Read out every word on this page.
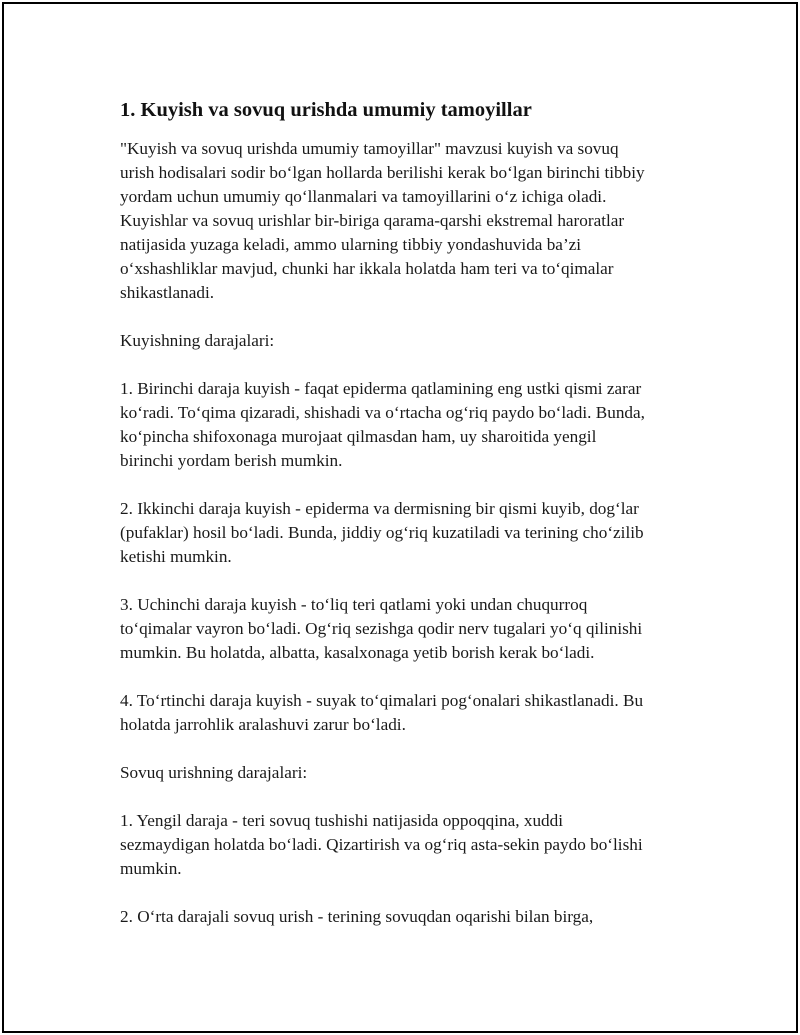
1. Kuyish va sovuq urishda umumiy tamoyillar
"Kuyish va sovuq urishda umumiy tamoyillar" mavzusi kuyish va sovuq
urish hodisalari sodir bo‘lgan hollarda berilishi kerak bo‘lgan birinchi tibbiy
yordam uchun umumiy qo‘llanmalari va tamoyillarini o‘z ichiga oladi.
Kuyishlar va sovuq urishlar bir-biriga qarama-qarshi ekstremal haroratlar
natijasida yuzaga keladi, ammo ularning tibbiy yondashuvida ba’zi
o‘xshashliklar mavjud, chunki har ikkala holatda ham teri va to‘qimalar
shikastlanadi.
Kuyishning darajalari:
1. Birinchi daraja kuyish - faqat epiderma qatlamining eng ustki qismi zarar
ko‘radi. To‘qima qizaradi, shishadi va o‘rtacha og‘riq paydo bo‘ladi. Bunda,
ko‘pincha shifoxonaga murojaat qilmasdan ham, uy sharoitida yengil
birinchi yordam berish mumkin.
2. Ikkinchi daraja kuyish - epiderma va dermisning bir qismi kuyib, dog‘lar
(pufaklar) hosil bo‘ladi. Bunda, jiddiy og‘riq kuzatiladi va terining cho‘zilib
ketishi mumkin.
3. Uchinchi daraja kuyish - to‘liq teri qatlami yoki undan chuqurroq
to‘qimalar vayron bo‘ladi. Og‘riq sezishga qodir nerv tugalari yo‘q qilinishi
mumkin. Bu holatda, albatta, kasalxonaga yetib borish kerak bo‘ladi.
4. To‘rtinchi daraja kuyish - suyak to‘qimalari pog‘onalari shikastlanadi. Bu
holatda jarrohlik aralashuvi zarur bo‘ladi.
Sovuq urishning darajalari:
1. Yengil daraja - teri sovuq tushishi natijasida oppoqqina, xuddi
sezmaydigan holatda bo‘ladi. Qizartirish va og‘riq asta-sekin paydo bo‘lishi
mumkin.
2. O‘rta darajali sovuq urish - terining sovuqdan oqarishi bilan birga,
